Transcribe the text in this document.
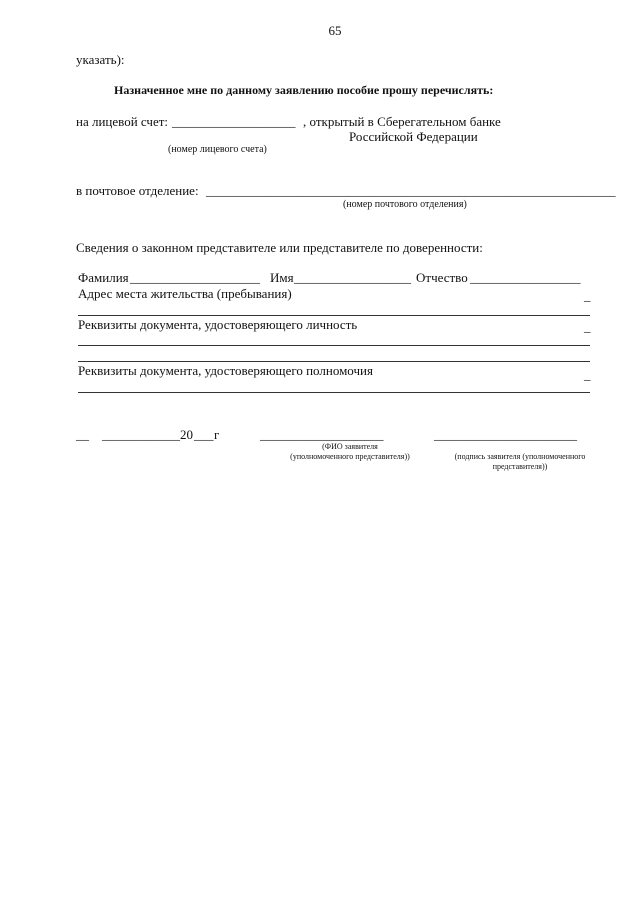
65
указать):
Назначенное мне по данному заявлению пособие прошу перечислять:
на лицевой счет: ___________________ , открытый в Сберегательном банке
Российской Федерации
(номер лицевого счета)
в почтовое отделение: _______________________________________________________________
(номер почтового отделения)
Сведения о законном представителе или представителе по доверенности:
Фамилия ____________________ Имя __________________ Отчество _________________
Адрес места жительства (пребывания)	_
Реквизиты документа, удостоверяющего личность	_
Реквизиты документа, удостоверяющего полномочия	_
__ ____________ 20 ___ г	___________________
(ФИО заявителя
(уполномоченного представителя))
______________________
(подпись заявителя (уполномоченного
представителя))
